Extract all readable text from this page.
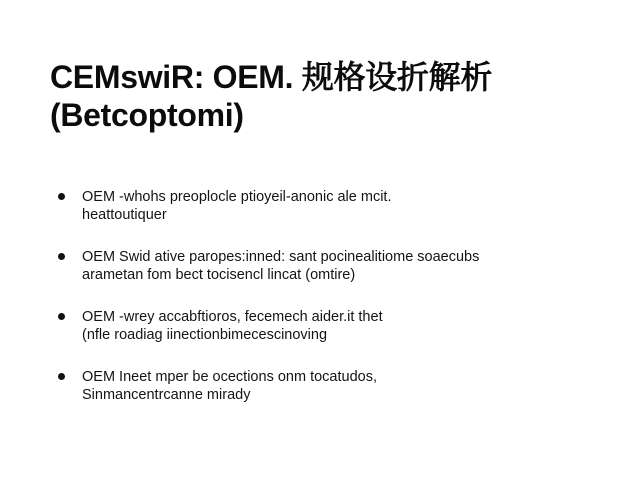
CEMswiR: OEM. 规格设折解析
(Betcoptomi)
OEM ‑whohs preoplocle ptioyeil‑anonic ale mcit.
heattoutiquer
OEM Swid ative paropes:inned: sant pocinealitiome soaecubs
arametan fom bect tocisencl lincat (omtire)
OEM ‑wrey accabftioros, fecemech aider.it thet
(nfle roadiag iinectionbimecescinoving
OEM Ineet mper be ocections onm tocatudos,
Sinmancentrcanne mirady
